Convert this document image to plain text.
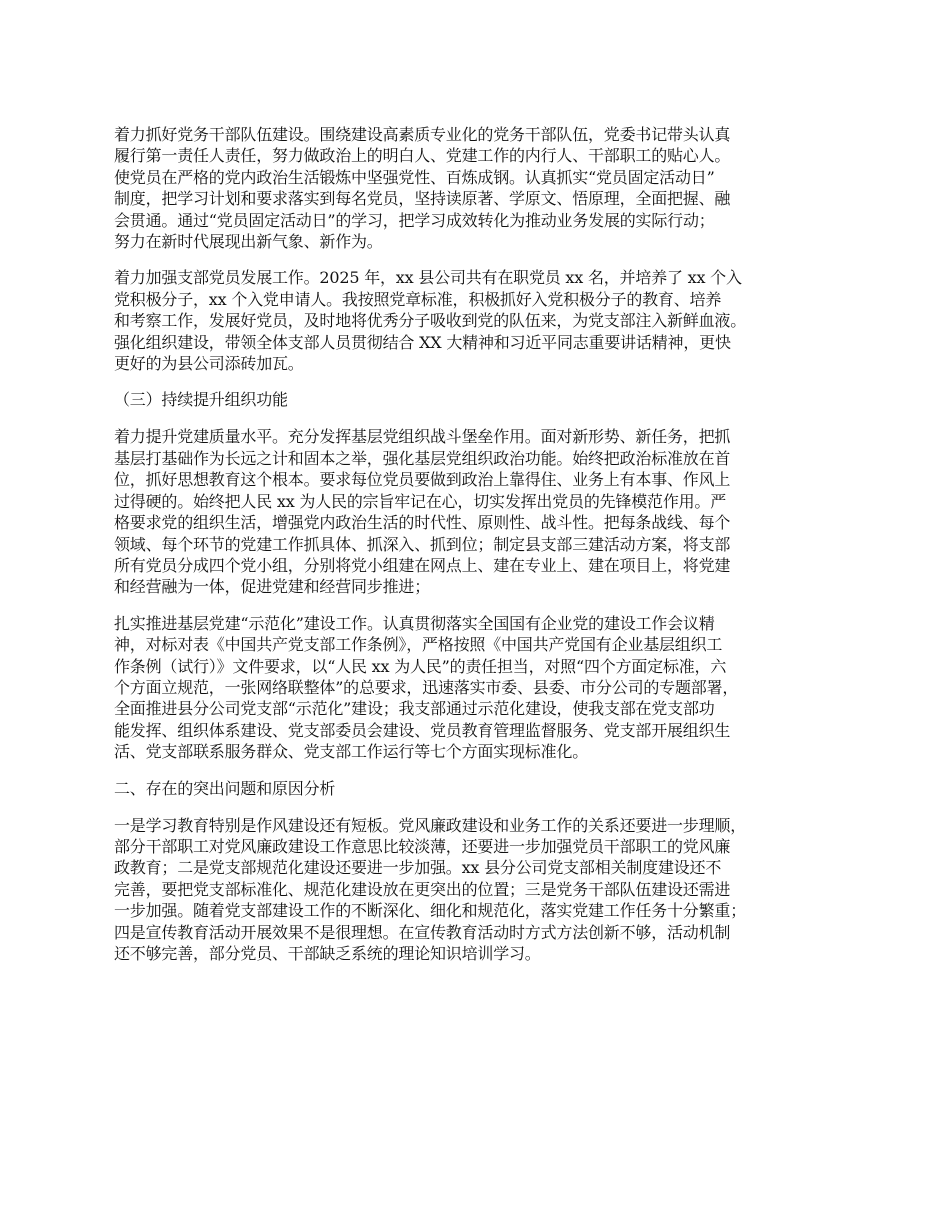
着力抓好党务干部队伍建设。围绕建设高素质专业化的党务干部队伍，党委书记带头认真
履行第一责任人责任，努力做政治上的明白人、党建工作的内行人、干部职工的贴心人。
使党员在严格的党内政治生活锻炼中坚强党性、百炼成钢。认真抓实“党员固定活动日”
制度，把学习计划和要求落实到每名党员，坚持读原著、学原文、悟原理，全面把握、融
会贯通。通过“党员固定活动日”的学习，把学习成效转化为推动业务发展的实际行动；
努力在新时代展现出新气象、新作为。
着力加强支部党员发展工作。2025 年，xx 县公司共有在职党员 xx 名，并培养了 xx 个入
党积极分子，xx 个入党申请人。我按照党章标准，积极抓好入党积极分子的教育、培养
和考察工作，发展好党员，及时地将优秀分子吸收到党的队伍来，为党支部注入新鲜血液。
强化组织建设，带领全体支部人员贯彻结合 XX 大精神和习近平同志重要讲话精神，更快
更好的为县公司添砖加瓦。
（三）持续提升组织功能
着力提升党建质量水平。充分发挥基层党组织战斗堡垒作用。面对新形势、新任务，把抓
基层打基础作为长远之计和固本之举，强化基层党组织政治功能。始终把政治标准放在首
位，抓好思想教育这个根本。要求每位党员要做到政治上靠得住、业务上有本事、作风上
过得硬的。始终把人民 xx 为人民的宗旨牢记在心，切实发挥出党员的先锋模范作用。严
格要求党的组织生活，增强党内政治生活的时代性、原则性、战斗性。把每条战线、每个
领域、每个环节的党建工作抓具体、抓深入、抓到位；制定县支部三建活动方案，将支部
所有党员分成四个党小组，分别将党小组建在网点上、建在专业上、建在项目上，将党建
和经营融为一体，促进党建和经营同步推进；
扎实推进基层党建“示范化”建设工作。认真贯彻落实全国国有企业党的建设工作会议精
神，对标对表《中国共产党支部工作条例》，严格按照《中国共产党国有企业基层组织工
作条例（试行）》文件要求，以“人民 xx 为人民”的责任担当，对照“四个方面定标准，六
个方面立规范，一张网络联整体”的总要求，迅速落实市委、县委、市分公司的专题部署，
全面推进县分公司党支部“示范化”建设；我支部通过示范化建设，使我支部在党支部功
能发挥、组织体系建设、党支部委员会建设、党员教育管理监督服务、党支部开展组织生
活、党支部联系服务群众、党支部工作运行等七个方面实现标准化。
二、存在的突出问题和原因分析
一是学习教育特别是作风建设还有短板。党风廉政建设和业务工作的关系还要进一步理顺，
部分干部职工对党风廉政建设工作意思比较淡薄，还要进一步加强党员干部职工的党风廉
政教育；二是党支部规范化建设还要进一步加强。xx 县分公司党支部相关制度建设还不
完善，要把党支部标准化、规范化建设放在更突出的位置；三是党务干部队伍建设还需进
一步加强。随着党支部建设工作的不断深化、细化和规范化，落实党建工作任务十分繁重；
四是宣传教育活动开展效果不是很理想。在宣传教育活动时方式方法创新不够，活动机制
还不够完善，部分党员、干部缺乏系统的理论知识培训学习。
